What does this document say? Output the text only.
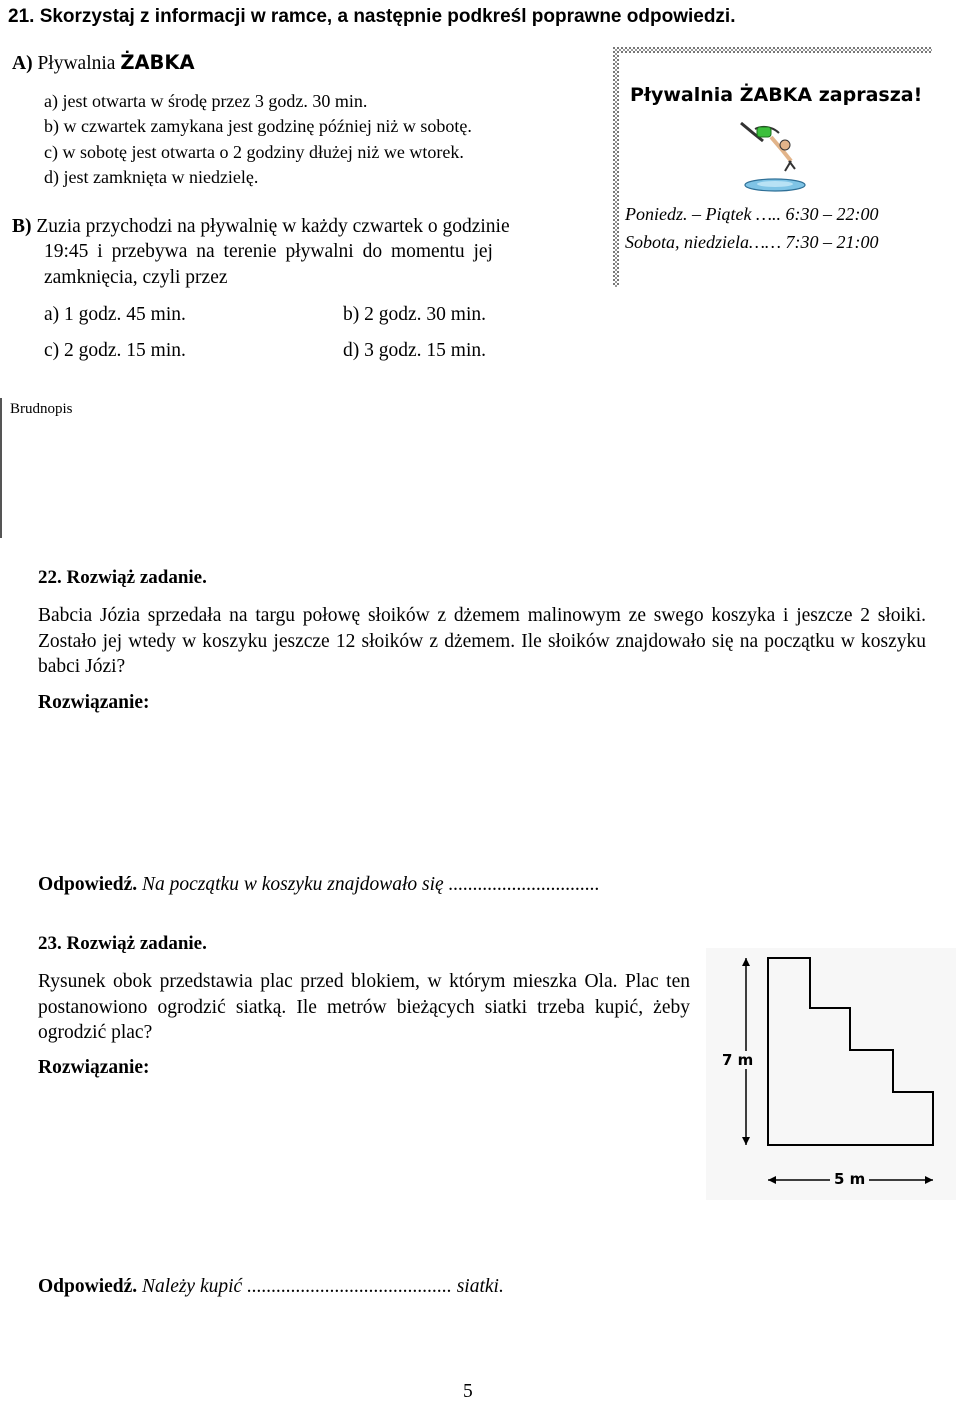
21. Skorzystaj z informacji w ramce, a następnie podkreśl poprawne odpowiedzi.
A) Pływalnia ŻABKA
a) jest otwarta w środę przez 3 godz. 30 min.
b) w czwartek zamykana jest godzinę później niż w sobotę.
c) w sobotę jest otwarta o 2 godziny dłużej niż we wtorek.
d) jest zamknięta w niedzielę.
B) Zuzia przychodzi na pływalnię w każdy czwartek o godzinie
19:45 i przebywa na terenie pływalni do momentu jej
zamknięcia, czyli przez
a) 1 godz. 45 min.	b) 2 godz. 30 min.
c) 2 godz. 15 min.	d) 3 godz. 15 min.
Pływalnia ŻABKA zaprasza!
Poniedz. – Piątek ….. 6:30 – 22:00
Sobota, niedziela…… 7:30 – 21:00
Brudnopis
22. Rozwiąż zadanie.
Babcia Józia sprzedała na targu połowę słoików z dżemem malinowym ze swego koszyka i jeszcze 2 słoiki. Zostało jej wtedy w koszyku jeszcze 12 słoików z dżemem. Ile słoików znajdowało się na początku w koszyku babci Józi?
Rozwiązanie:
Odpowiedź. Na początku w koszyku znajdowało się ...............................
23. Rozwiąż zadanie.
Rysunek obok przedstawia plac przed blokiem, w którym mieszka Ola. Plac ten postanowiono ogrodzić siatką. Ile metrów bieżących siatki trzeba kupić, żeby ogrodzić plac?
Rozwiązanie:	7 m
5 m
Odpowiedź. Należy kupić .......................................... siatki.
5
